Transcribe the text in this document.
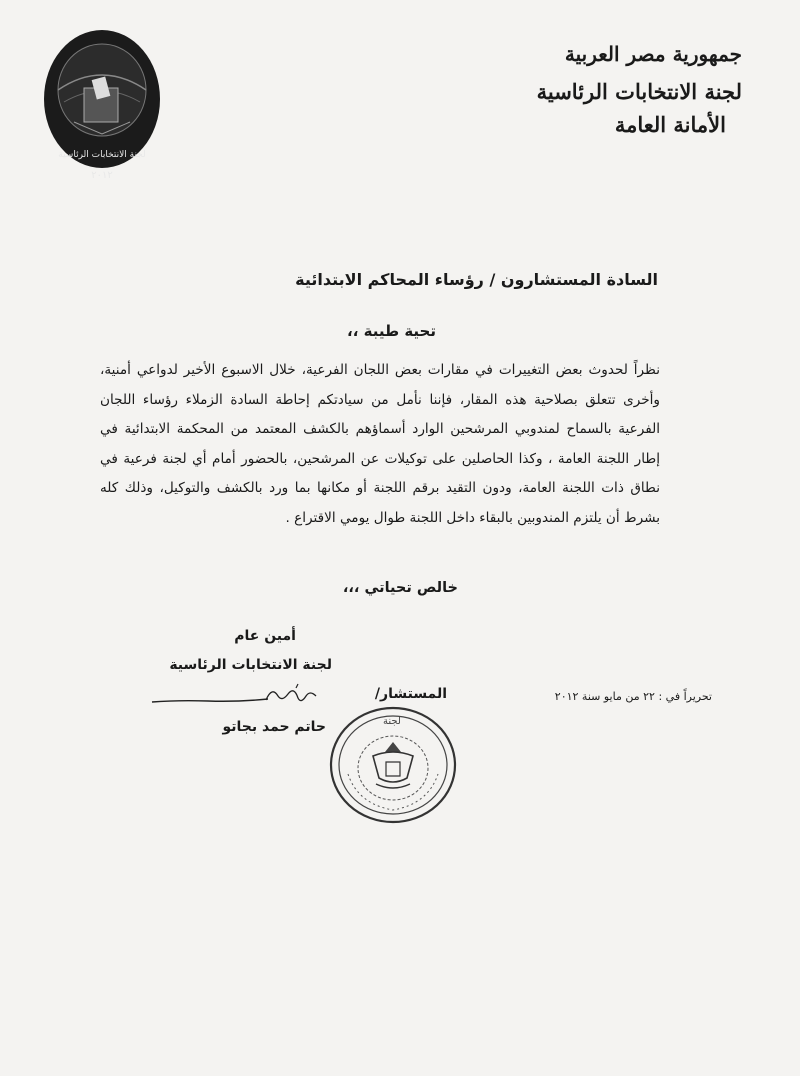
لجنة الانتخابات الرئاسية
٢٠١٢
جمهورية مصر العربية
لجنة الانتخابات الرئاسية
الأمانة العامة
السادة المستشارون / رؤساء المحاكم الابتدائية
تحية طيبة ،،
نظراً لحدوث بعض التغييرات في مقارات بعض اللجان الفرعية، خلال الاسبوع الأخير لدواعي أمنية، وأخرى تتعلق بصلاحية هذه المقار، فإننا نأمل من سيادتكم إحاطة السادة الزملاء رؤساء اللجان الفرعية بالسماح لمندوبي المرشحين الوارد أسماؤهم بالكشف المعتمد من المحكمة الابتدائية في إطار اللجنة العامة ، وكذا الحاصلين على توكيلات عن المرشحين، بالحضور أمام أي لجنة فرعية في نطاق ذات اللجنة العامة، ودون التقيد برقم اللجنة أو مكانها بما ورد بالكشف والتوكيل، وذلك كله بشرط أن يلتزم المندوبين بالبقاء داخل اللجنة طوال يومي الاقتراع .
خالص تحياتي ،،،
أمين عام
لجنة الانتخابات الرئاسية
المستشار/
حاتم حمد بجاتو
تحريراً في : ٢٢ من مايو سنة ٢٠١٢
لجنة
